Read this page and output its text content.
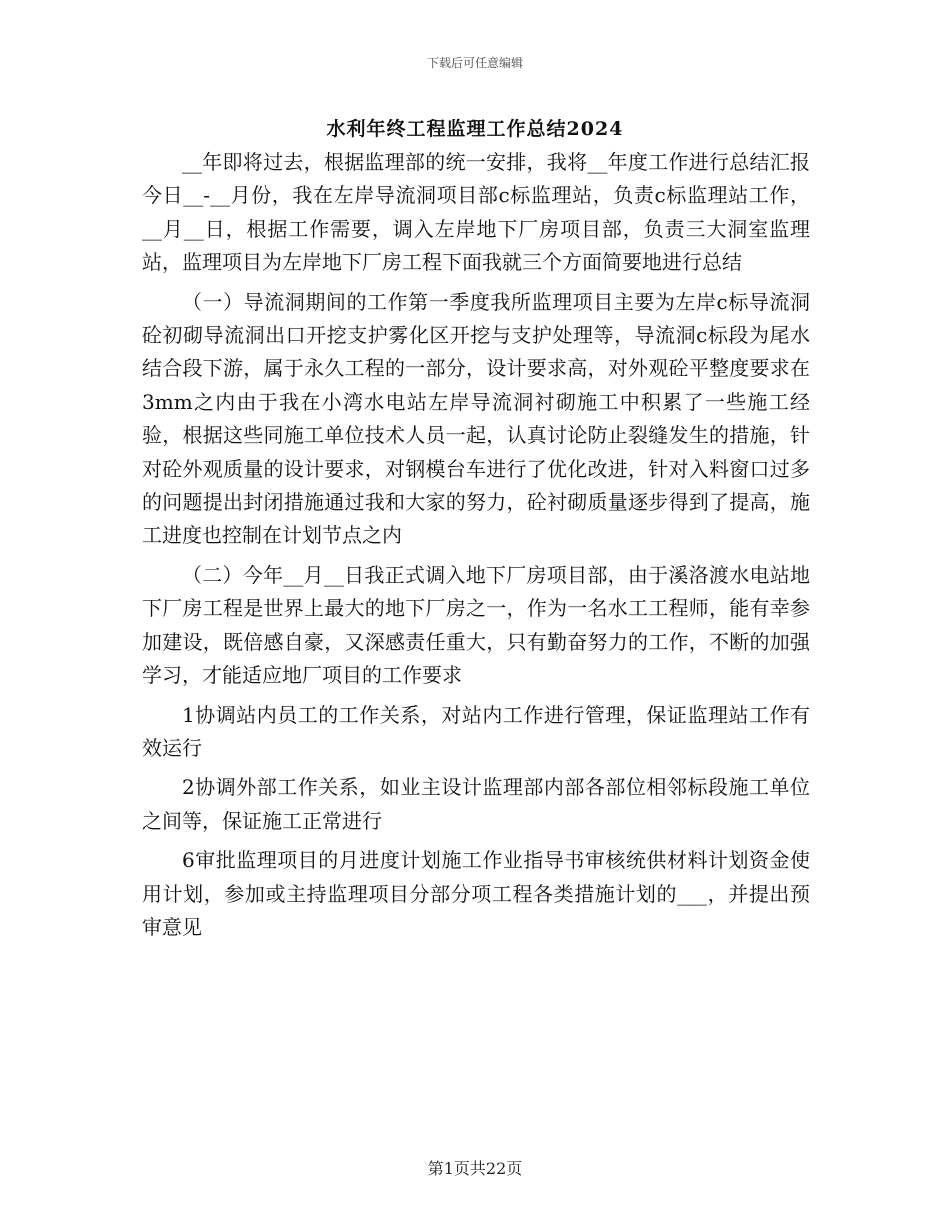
下载后可任意编辑
水利年终工程监理工作总结2024

__年即将过去，根据监理部的统一安排，我将__年度工作进行总结汇报今日__-__月份，我在左岸导流洞项目部c标监理站，负责c标监理站工作，__月__日，根据工作需要，调入左岸地下厂房项目部，负责三大洞室监理站，监理项目为左岸地下厂房工程下面我就三个方面简要地进行总结

（一）导流洞期间的工作第一季度我所监理项目主要为左岸c标导流洞砼初砌导流洞出口开挖支护雾化区开挖与支护处理等，导流洞c标段为尾水结合段下游，属于永久工程的一部分，设计要求高，对外观砼平整度要求在3mm之内由于我在小湾水电站左岸导流洞衬砌施工中积累了一些施工经验，根据这些同施工单位技术人员一起，认真讨论防止裂缝发生的措施，针对砼外观质量的设计要求，对钢模台车进行了优化改进，针对入料窗口过多的问题提出封闭措施通过我和大家的努力，砼衬砌质量逐步得到了提高，施工进度也控制在计划节点之内

（二）今年__月__日我正式调入地下厂房项目部，由于溪洛渡水电站地下厂房工程是世界上最大的地下厂房之一，作为一名水工工程师，能有幸参加建设，既倍感自豪，又深感责任重大，只有勤奋努力的工作，不断的加强学习，才能适应地厂项目的工作要求

1协调站内员工的工作关系，对站内工作进行管理，保证监理站工作有效运行

2协调外部工作关系，如业主设计监理部内部各部位相邻标段施工单位之间等，保证施工正常进行

6审批监理项目的月进度计划施工作业指导书审核统供材料计划资金使用计划，参加或主持监理项目分部分项工程各类措施计划的___，并提出预审意见

第1页共22页
